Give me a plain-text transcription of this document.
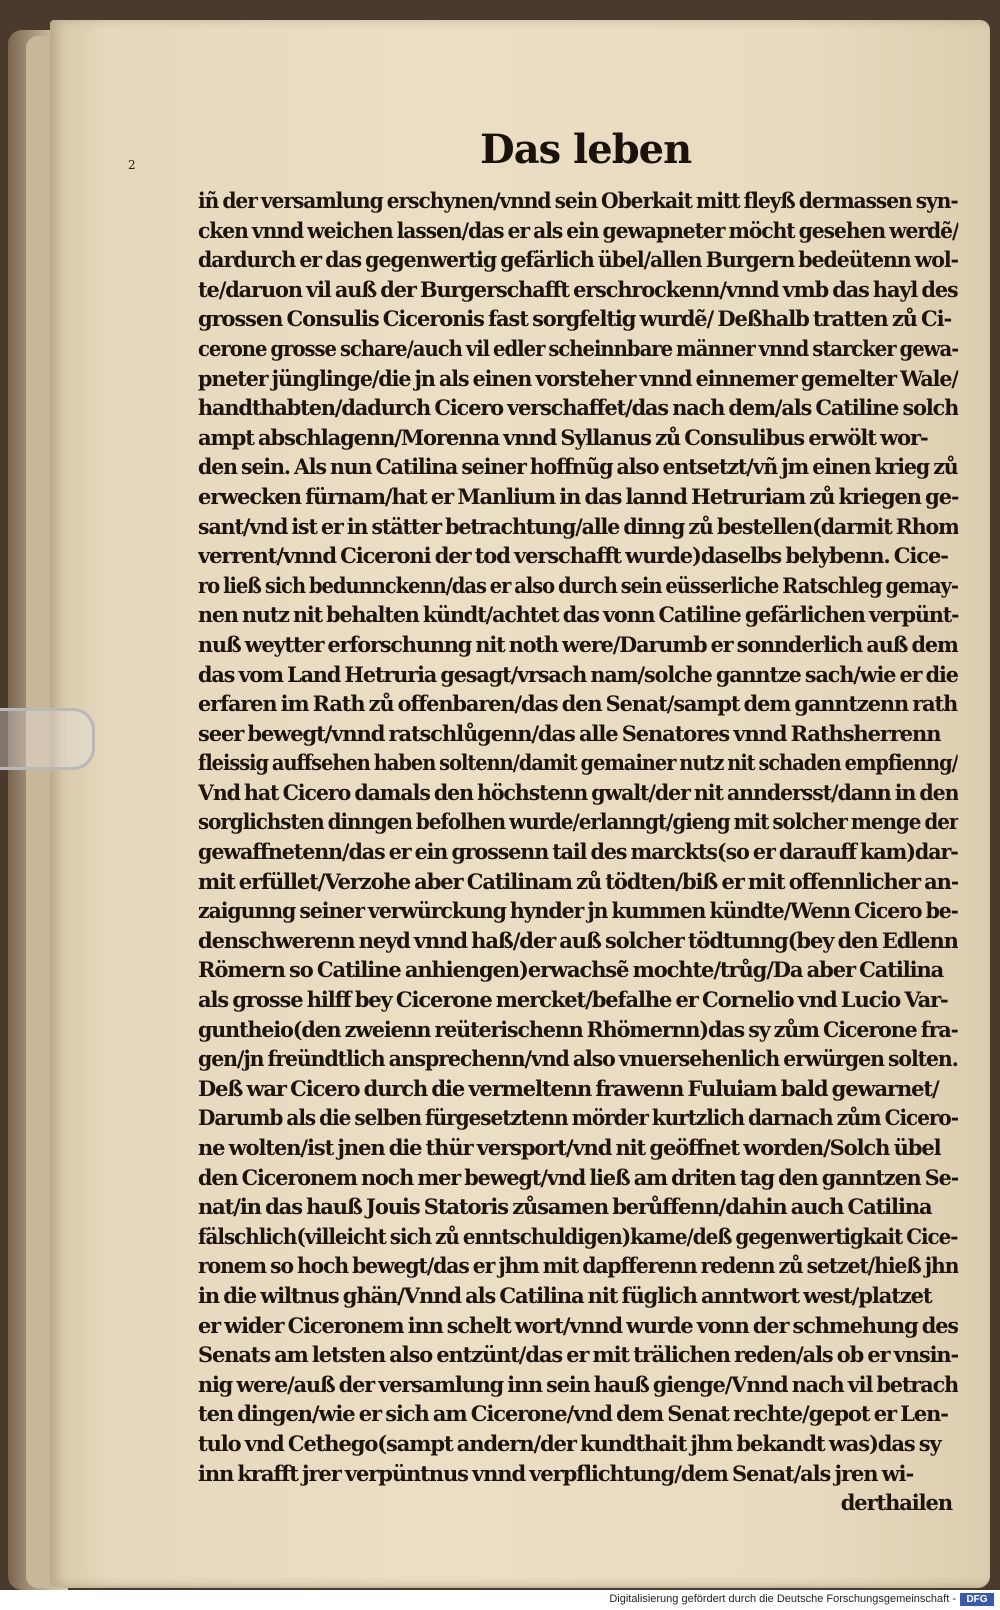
2	Das leben
iñ der versamlung erschynen/vnnd sein Oberkait mitt fleyß dermassen syn-
cken vnnd weichen lassen/das er als ein gewapneter möcht gesehen werdẽ/
dardurch er das gegenwertig gefärlich übel/allen Burgern bedeütenn wol-
te/daruon vil auß der Burgerschafft erschrockenn/vnnd vmb das hayl des
grossen Consulis Ciceronis fast sorgfeltig wurdẽ/ Deßhalb tratten zů Ci-
cerone grosse schare/auch vil edler scheinnbare männer vnnd starcker gewa-
pneter jünglinge/die jn als einen vorsteher vnnd einnemer gemelter Wale/
handthabten/dadurch Cicero verschaffet/das nach dem/als Catiline solch
ampt abschlagenn/Morenna vnnd Syllanus zů Consulibus erwölt wor-
den sein. Als nun Catilina seiner hoffnũg also entsetzt/vñ jm einen krieg zů
erwecken fürnam/hat er Manlium in das lannd Hetruriam zů kriegen ge-
sant/vnd ist er in stätter betrachtung/alle dinng zů bestellen(darmit Rhom
verrent/vnnd Ciceroni der tod verschafft wurde)daselbs belybenn. Cice-
ro ließ sich bedunnckenn/das er also durch sein eüsserliche Ratschleg gemay-
nen nutz nit behalten kündt/achtet das vonn Catiline gefärlichen verpünt-
nuß weytter erforschunng nit noth were/Darumb er sonnderlich auß dem
das vom Land Hetruria gesagt/vrsach nam/solche ganntze sach/wie er die
erfaren im Rath zů offenbaren/das den Senat/sampt dem ganntzenn rath
seer bewegt/vnnd ratschlůgenn/das alle Senatores vnnd Rathsherrenn
fleissig auffsehen haben soltenn/damit gemainer nutz nit schaden empfienng/
Vnd hat Cicero damals den höchstenn gwalt/der nit anndersst/dann in den
sorglichsten dinngen befolhen wurde/erlanngt/gieng mit solcher menge der
gewaffnetenn/das er ein grossenn tail des marckts(so er darauff kam)dar-
mit erfüllet/Verzohe aber Catilinam zů tödten/biß er mit offennlicher an-
zaigunng seiner verwürckung hynder jn kummen kündte/Wenn Cicero be-
denschwerenn neyd vnnd haß/der auß solcher tödtunng(bey den Edlenn
Römern so Catiline anhiengen)erwachsẽ mochte/trůg/Da aber Catilina
als grosse hilff bey Cicerone mercket/befalhe er Cornelio vnd Lucio Var-
guntheio(den zweienn reüterischenn Rhömernn)das sy zům Cicerone fra-
gen/jn freündtlich ansprechenn/vnd also vnuersehenlich erwürgen solten.
Deß war Cicero durch die vermeltenn frawenn Fuluiam bald gewarnet/
Darumb als die selben fürgesetztenn mörder kurtzlich darnach zům Cicero-
ne wolten/ist jnen die thür versport/vnd nit geöffnet worden/Solch übel
den Ciceronem noch mer bewegt/vnd ließ am driten tag den ganntzen Se-
nat/in das hauß Jouis Statoris zůsamen berůffenn/dahin auch Catilina
fälschlich(villeicht sich zů enntschuldigen)kame/deß gegenwertigkait Cice-
ronem so hoch bewegt/das er jhm mit dapfferenn redenn zů setzet/hieß jhn
in die wiltnus ghän/Vnnd als Catilina nit füglich anntwort west/platzet
er wider Ciceronem inn schelt wort/vnnd wurde vonn der schmehung des
Senats am letsten also entzünt/das er mit trälichen reden/als ob er vnsin-
nig were/auß der versamlung inn sein hauß gienge/Vnnd nach vil betrach
ten dingen/wie er sich am Cicerone/vnd dem Senat rechte/gepot er Len-
tulo vnd Cethego(sampt andern/der kundthait jhm bekandt was)das sy
inn krafft jrer verpüntnus vnnd verpflichtung/dem Senat/als jren wi-
derthailen
Digitalisierung gefördert durch die Deutsche Forschungsgemeinschaft -	DFG
